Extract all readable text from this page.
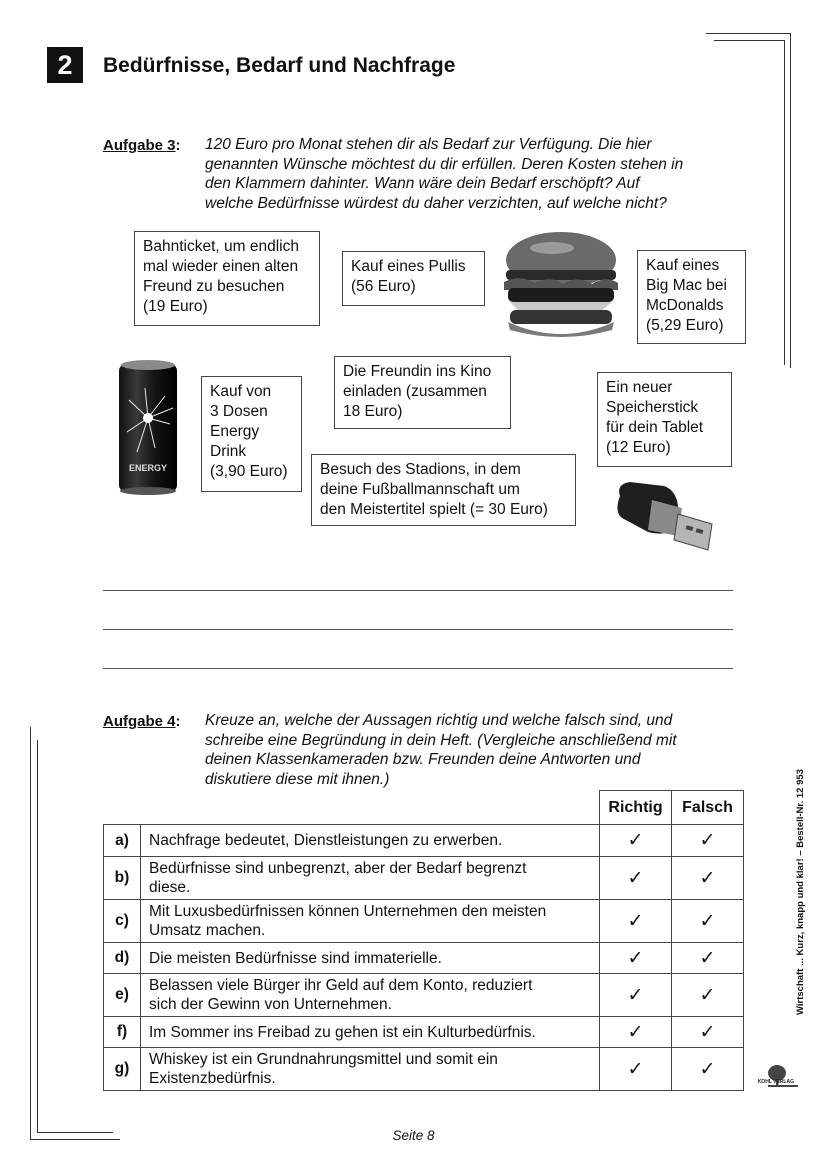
2	Bedürfnisse, Bedarf und Nachfrage
Aufgabe 3: 120 Euro pro Monat stehen dir als Bedarf zur Verfügung. Die hier
genannten Wünsche möchtest du dir erfüllen. Deren Kosten stehen in
den Klammern dahinter. Wann wäre dein Bedarf erschöpft? Auf
welche Bedürfnisse würdest du daher verzichten, auf welche nicht?
Bahnticket, um endlich
mal wieder einen alten
Freund zu besuchen
(19 Euro)
Kauf eines Pullis
(56 Euro)
Kauf eines
Big Mac bei
McDonalds
(5,29 Euro)
Kauf von
3 Dosen
Energy
Drink
(3,90 Euro)
Die Freundin ins Kino
einladen (zusammen
18 Euro)
Ein neuer
Speicherstick
für dein Tablet
(12 Euro)
Besuch des Stadions, in dem
deine Fußballmannschaft um
den Meistertitel spielt (= 30 Euro)
ENERGY
Aufgabe 4: Kreuze an, welche der Aussagen richtig und welche falsch sind, und
schreibe eine Begründung in dein Heft. (Vergleiche anschließend mit
deinen Klassenkameraden bzw. Freunden deine Antworten und
diskutiere diese mit ihnen.)
		Richtig	Falsch
a)	Nachfrage bedeutet, Dienstleistungen zu erwerben.	✓	✓
b)	Bedürfnisse sind unbegrenzt, aber der Bedarf begrenzt
diese.	✓	✓
c)	Mit Luxusbedürfnissen können Unternehmen den meisten
Umsatz machen.	✓	✓
d)	Die meisten Bedürfnisse sind immaterielle.	✓	✓
e)	Belassen viele Bürger ihr Geld auf dem Konto, reduziert
sich der Gewinn von Unternehmen.	✓	✓
f)	Im Sommer ins Freibad zu gehen ist ein Kulturbedürfnis.	✓	✓
g)	Whiskey ist ein Grundnahrungsmittel und somit ein
Existenzbedürfnis.	✓	✓
Wirtschaft ... Kurz, knapp und klar! – Bestell-Nr. 12 953
KOHL VERLAG
Seite 8
